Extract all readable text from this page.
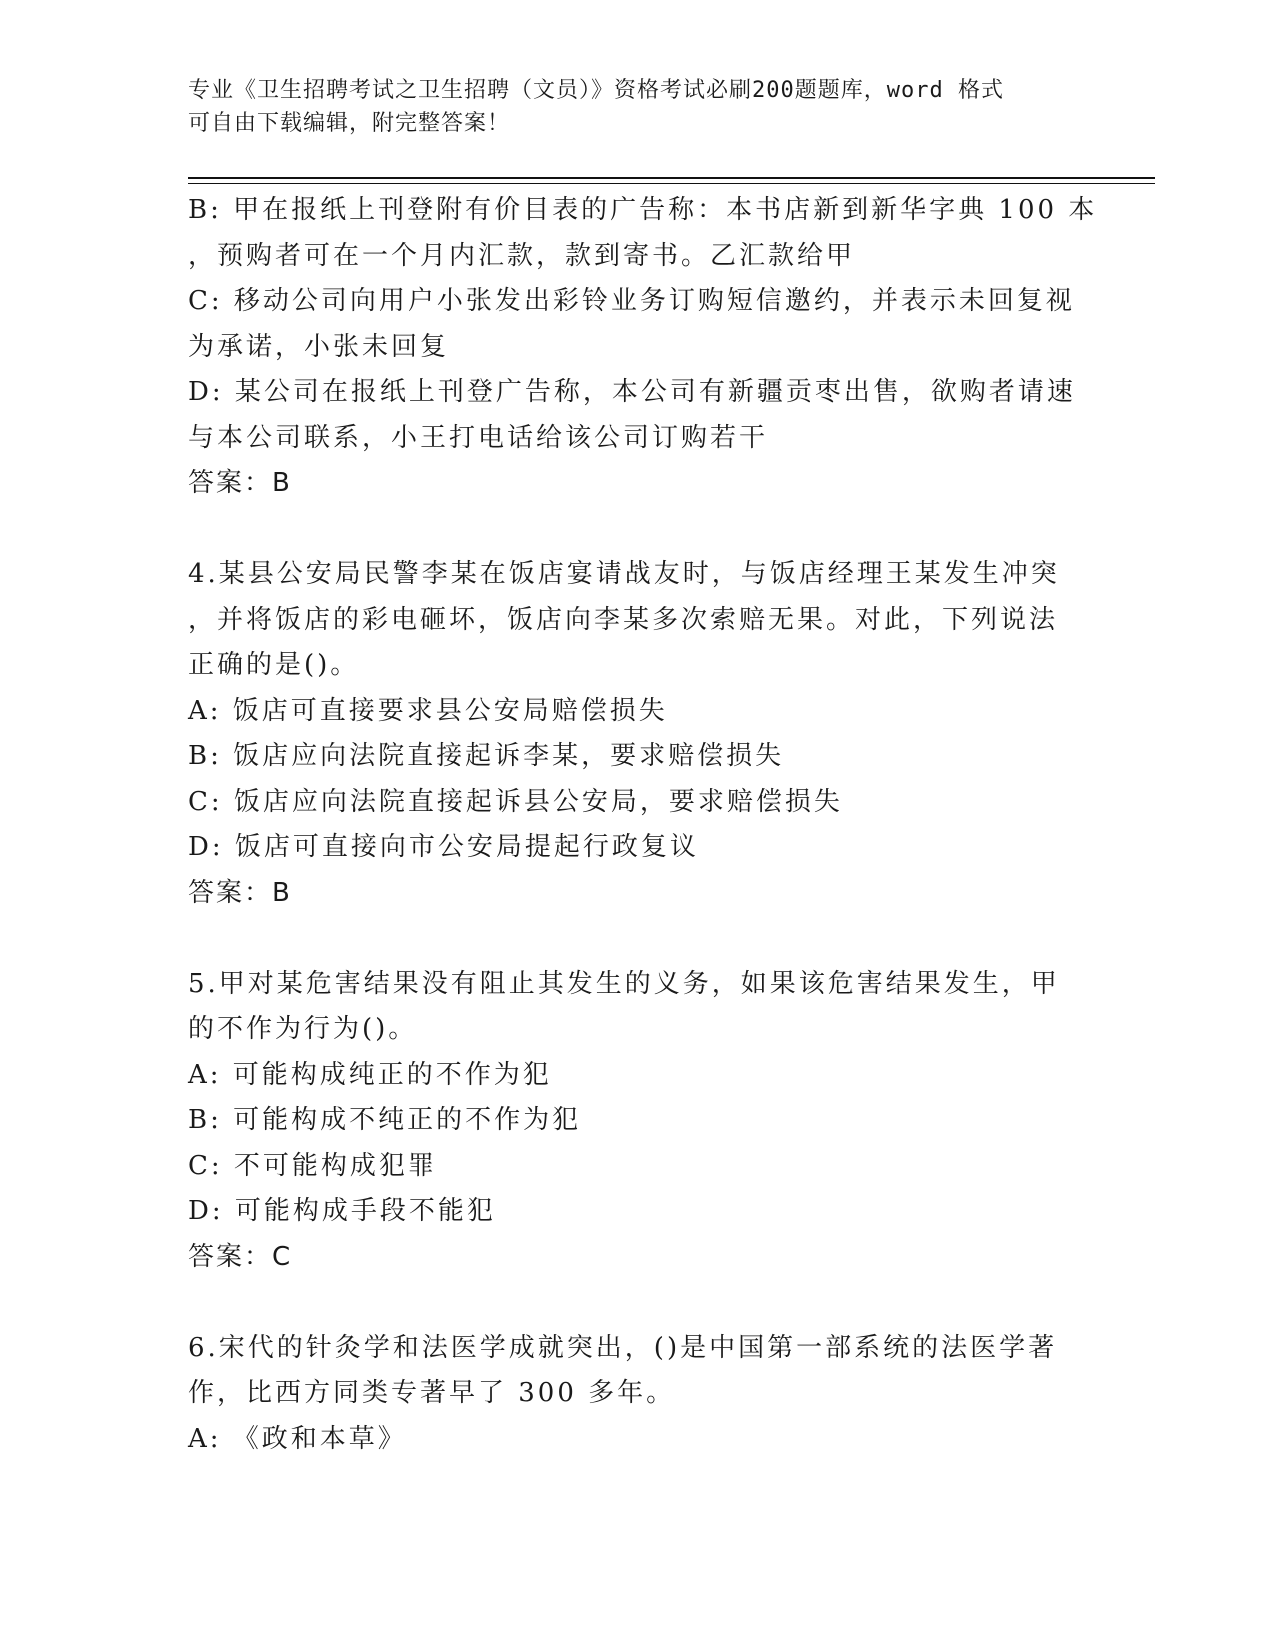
专业《卫生招聘考试之卫生招聘（文员）》资格考试必刷200题题库，word 格式
可自由下载编辑，附完整答案！
B: 甲在报纸上刊登附有价目表的广告称：本书店新到新华字典 100 本
，预购者可在一个月内汇款，款到寄书。乙汇款给甲
C: 移动公司向用户小张发出彩铃业务订购短信邀约，并表示未回复视
为承诺，小张未回复
D: 某公司在报纸上刊登广告称，本公司有新疆贡枣出售，欲购者请速
与本公司联系，小王打电话给该公司订购若干
答案：B
4.某县公安局民警李某在饭店宴请战友时，与饭店经理王某发生冲突
，并将饭店的彩电砸坏，饭店向李某多次索赔无果。对此，下列说法
正确的是()。
A: 饭店可直接要求县公安局赔偿损失
B: 饭店应向法院直接起诉李某，要求赔偿损失
C: 饭店应向法院直接起诉县公安局，要求赔偿损失
D: 饭店可直接向市公安局提起行政复议
答案：B
5.甲对某危害结果没有阻止其发生的义务，如果该危害结果发生，甲
的不作为行为()。
A: 可能构成纯正的不作为犯
B: 可能构成不纯正的不作为犯
C: 不可能构成犯罪
D: 可能构成手段不能犯
答案：C
6.宋代的针灸学和法医学成就突出，()是中国第一部系统的法医学著
作，比西方同类专著早了 300 多年。
A: 《政和本草》
